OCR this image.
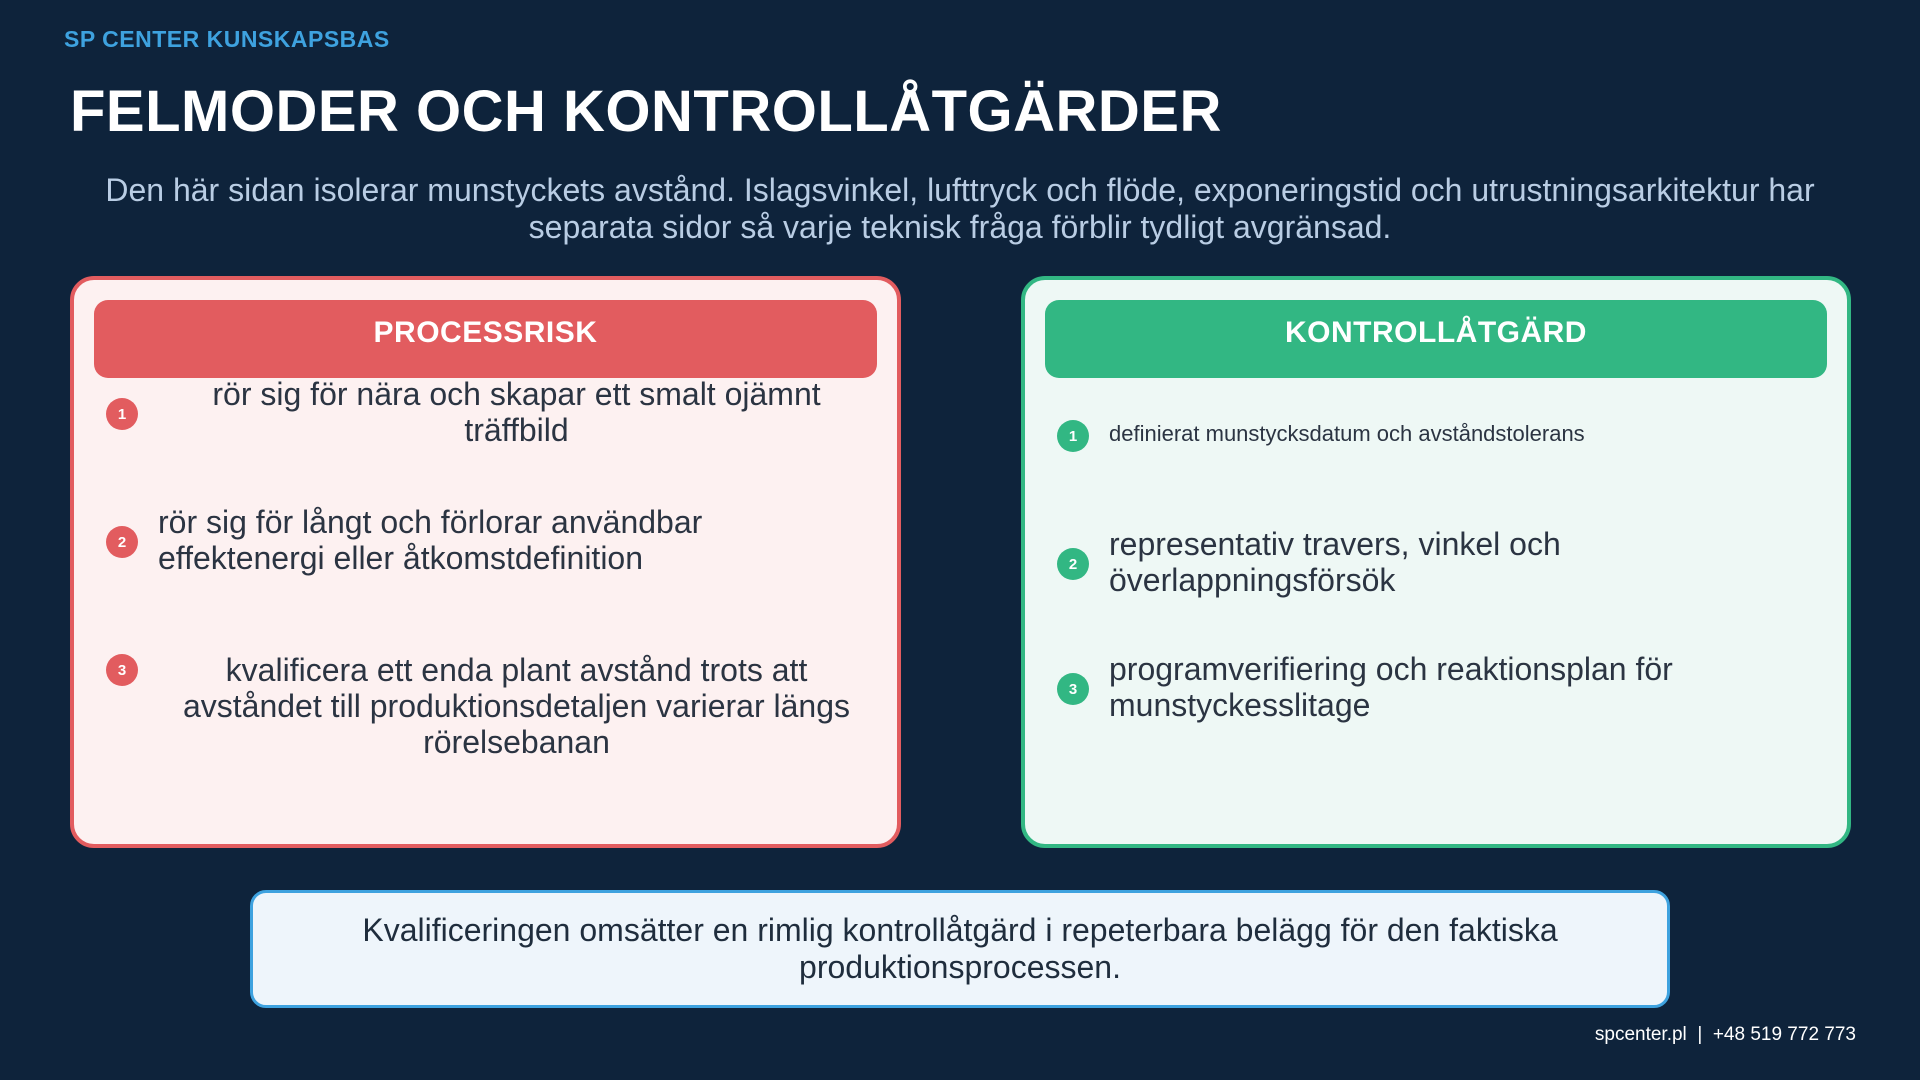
SP CENTER KUNSKAPSBAS
FELMODER OCH KONTROLLÅTGÄRDER
Den här sidan isolerar munstyckets avstånd. Islagsvinkel, lufttryck och flöde, exponeringstid och utrustningsarkitektur har separata sidor så varje teknisk fråga förblir tydligt avgränsad.
PROCESSRISK
1
rör sig för nära och skapar ett smalt ojämnt träffbild
2
rör sig för långt och förlorar användbar effektenergi eller åtkomstdefinition
3	kvalificera ett enda plant avstånd trots att avståndet till produktionsdetaljen varierar längs rörelsebanan
KONTROLLÅTGÄRD
1	definierat munstycksdatum och avståndstolerans
2
representativ travers, vinkel och överlappningsförsök
3
programverifiering och reaktionsplan för munstyckesslitage
Kvalificeringen omsätter en rimlig kontrollåtgärd i repeterbara belägg för den faktiska produktionsprocessen.
spcenter.pl  |  +48 519 772 773
